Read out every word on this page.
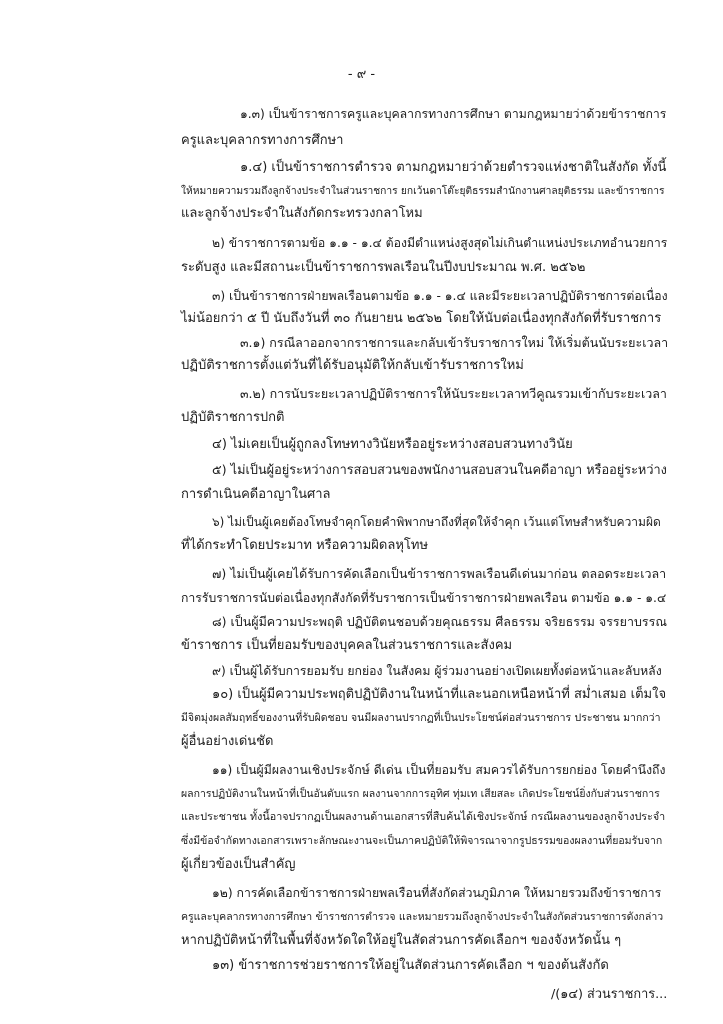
- ๙ -
๑.๓) เป็นข้าราชการครูและบุคลากรทางการศึกษา ตามกฎหมายว่าด้วยข้าราชการ
ครูและบุคลากรทางการศึกษา
๑.๔) เป็นข้าราชการตำรวจ ตามกฎหมายว่าด้วยตำรวจแห่งชาติในสังกัด ทั้งนี้
ให้หมายความรวมถึงลูกจ้างประจำในส่วนราชการ ยกเว้นดาโต๊ะยุติธรรมสำนักงานศาลยุติธรรม และข้าราชการ
และลูกจ้างประจำในสังกัดกระทรวงกลาโหม
๒) ข้าราชการตามข้อ ๑.๑ - ๑.๔ ต้องมีตำแหน่งสูงสุดไม่เกินตำแหน่งประเภทอำนวยการ
ระดับสูง และมีสถานะเป็นข้าราชการพลเรือนในปีงบประมาณ พ.ศ. ๒๕๖๒
๓) เป็นข้าราชการฝ่ายพลเรือนตามข้อ ๑.๑ - ๑.๔ และมีระยะเวลาปฏิบัติราชการต่อเนื่อง
ไม่น้อยกว่า ๕ ปี นับถึงวันที่ ๓๐ กันยายน ๒๕๖๒ โดยให้นับต่อเนื่องทุกสังกัดที่รับราชการ
๓.๑) กรณีลาออกจากราชการและกลับเข้ารับราชการใหม่ ให้เริ่มต้นนับระยะเวลา
ปฏิบัติราชการตั้งแต่วันที่ได้รับอนุมัติให้กลับเข้ารับราชการใหม่
๓.๒) การนับระยะเวลาปฏิบัติราชการให้นับระยะเวลาทวีคูณรวมเข้ากับระยะเวลา
ปฏิบัติราชการปกติ
๔) ไม่เคยเป็นผู้ถูกลงโทษทางวินัยหรืออยู่ระหว่างสอบสวนทางวินัย
๕) ไม่เป็นผู้อยู่ระหว่างการสอบสวนของพนักงานสอบสวนในคดีอาญา หรืออยู่ระหว่าง
การดำเนินคดีอาญาในศาล
๖) ไม่เป็นผู้เคยต้องโทษจำคุกโดยคำพิพากษาถึงที่สุดให้จำคุก เว้นแต่โทษสำหรับความผิด
ที่ได้กระทำโดยประมาท หรือความผิดลหุโทษ
๗) ไม่เป็นผู้เคยได้รับการคัดเลือกเป็นข้าราชการพลเรือนดีเด่นมาก่อน ตลอดระยะเวลา
การรับราชการนับต่อเนื่องทุกสังกัดที่รับราชการเป็นข้าราชการฝ่ายพลเรือน ตามข้อ ๑.๑ - ๑.๔
๘) เป็นผู้มีความประพฤติ ปฏิบัติตนชอบด้วยคุณธรรม ศีลธรรม จริยธรรม จรรยาบรรณ
ข้าราชการ เป็นที่ยอมรับของบุคคลในส่วนราชการและสังคม
๙) เป็นผู้ได้รับการยอมรับ ยกย่อง ในสังคม ผู้ร่วมงานอย่างเปิดเผยทั้งต่อหน้าและลับหลัง
๑๐) เป็นผู้มีความประพฤติปฏิบัติงานในหน้าที่และนอกเหนือหน้าที่ สม่ำเสมอ เต็มใจ
มีจิตมุ่งผลสัมฤทธิ์ของงานที่รับผิดชอบ จนมีผลงานปรากฏที่เป็นประโยชน์ต่อส่วนราชการ ประชาชน มากกว่า
ผู้อื่นอย่างเด่นชัด
๑๑) เป็นผู้มีผลงานเชิงประจักษ์ ดีเด่น เป็นที่ยอมรับ สมควรได้รับการยกย่อง โดยคำนึงถึง
ผลการปฏิบัติงานในหน้าที่เป็นอันดับแรก ผลงานจากการอุทิศ ทุ่มเท เสียสละ เกิดประโยชน์ยิ่งกับส่วนราชการ
และประชาชน ทั้งนี้อาจปรากฏเป็นผลงานด้านเอกสารที่สืบค้นได้เชิงประจักษ์ กรณีผลงานของลูกจ้างประจำ
ซึ่งมีข้อจำกัดทางเอกสารเพราะลักษณะงานจะเป็นภาคปฏิบัติให้พิจารณาจากรูปธรรมของผลงานที่ยอมรับจาก
ผู้เกี่ยวข้องเป็นสำคัญ
๑๒) การคัดเลือกข้าราชการฝ่ายพลเรือนที่สังกัดส่วนภูมิภาค ให้หมายรวมถึงข้าราชการ
ครูและบุคลากรทางการศึกษา ข้าราชการตำรวจ และหมายรวมถึงลูกจ้างประจำในสังกัดส่วนราชการดังกล่าว
หากปฏิบัติหน้าที่ในพื้นที่จังหวัดใดให้อยู่ในสัดส่วนการคัดเลือกฯ ของจังหวัดนั้น ๆ
๑๓) ข้าราชการช่วยราชการให้อยู่ในสัดส่วนการคัดเลือก ฯ ของต้นสังกัด
/(๑๔) ส่วนราชการ...
